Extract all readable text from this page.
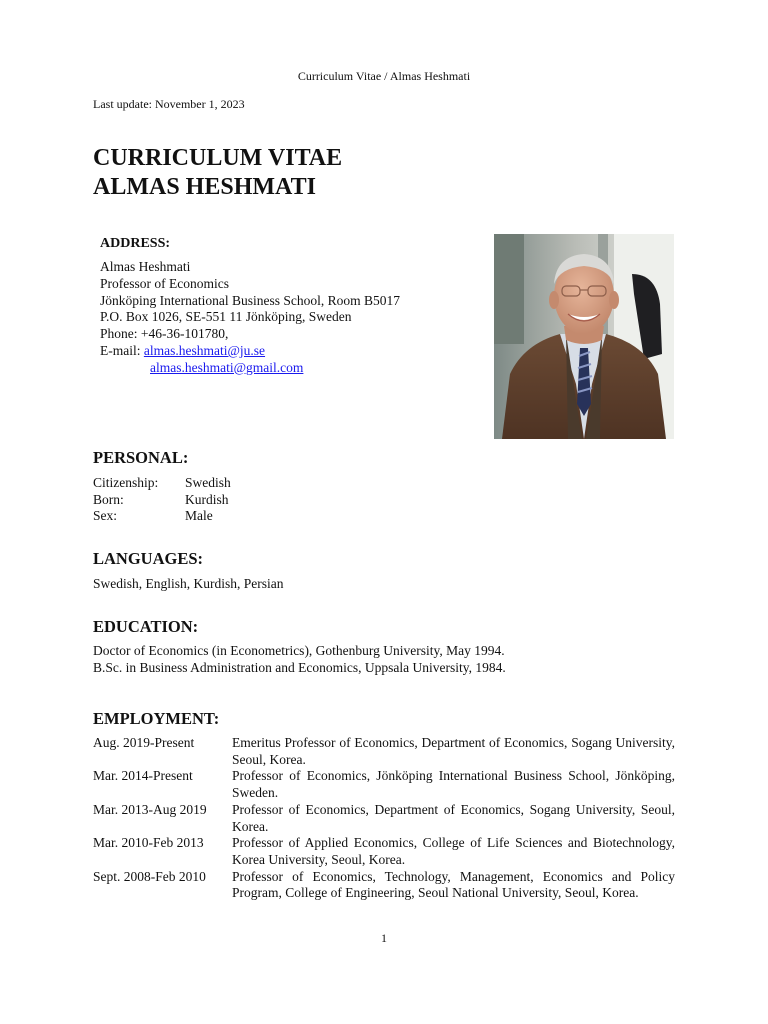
Curriculum Vitae / Almas Heshmati
Last update: November 1, 2023
CURRICULUM VITAE
ALMAS HESHMATI
ADDRESS:
Almas Heshmati
Professor of Economics
Jönköping International Business School, Room B5017
P.O. Box 1026, SE-551 11 Jönköping, Sweden
Phone: +46-36-101780,
E-mail: almas.heshmati@ju.se
almas.heshmati@gmail.com
PERSONAL:
Citizenship:	Swedish
Born:	Kurdish
Sex:	Male
LANGUAGES:
Swedish, English, Kurdish, Persian
EDUCATION:
Doctor of Economics (in Econometrics), Gothenburg University, May 1994.
B.Sc. in Business Administration and Economics, Uppsala University, 1984.
EMPLOYMENT:
Aug. 2019-Present	Emeritus Professor of Economics, Department of Economics, Sogang University, Seoul, Korea.
Mar. 2014-Present	Professor of Economics, Jönköping International Business School, Jönköping, Sweden.
Mar. 2013-Aug 2019	Professor of Economics, Department of Economics, Sogang University, Seoul, Korea.
Mar. 2010-Feb 2013	Professor of Applied Economics, College of Life Sciences and Biotechnology, Korea University, Seoul, Korea.
Sept. 2008-Feb 2010	Professor of Economics, Technology, Management, Economics and Policy Program, College of Engineering, Seoul National University, Seoul, Korea.
1
